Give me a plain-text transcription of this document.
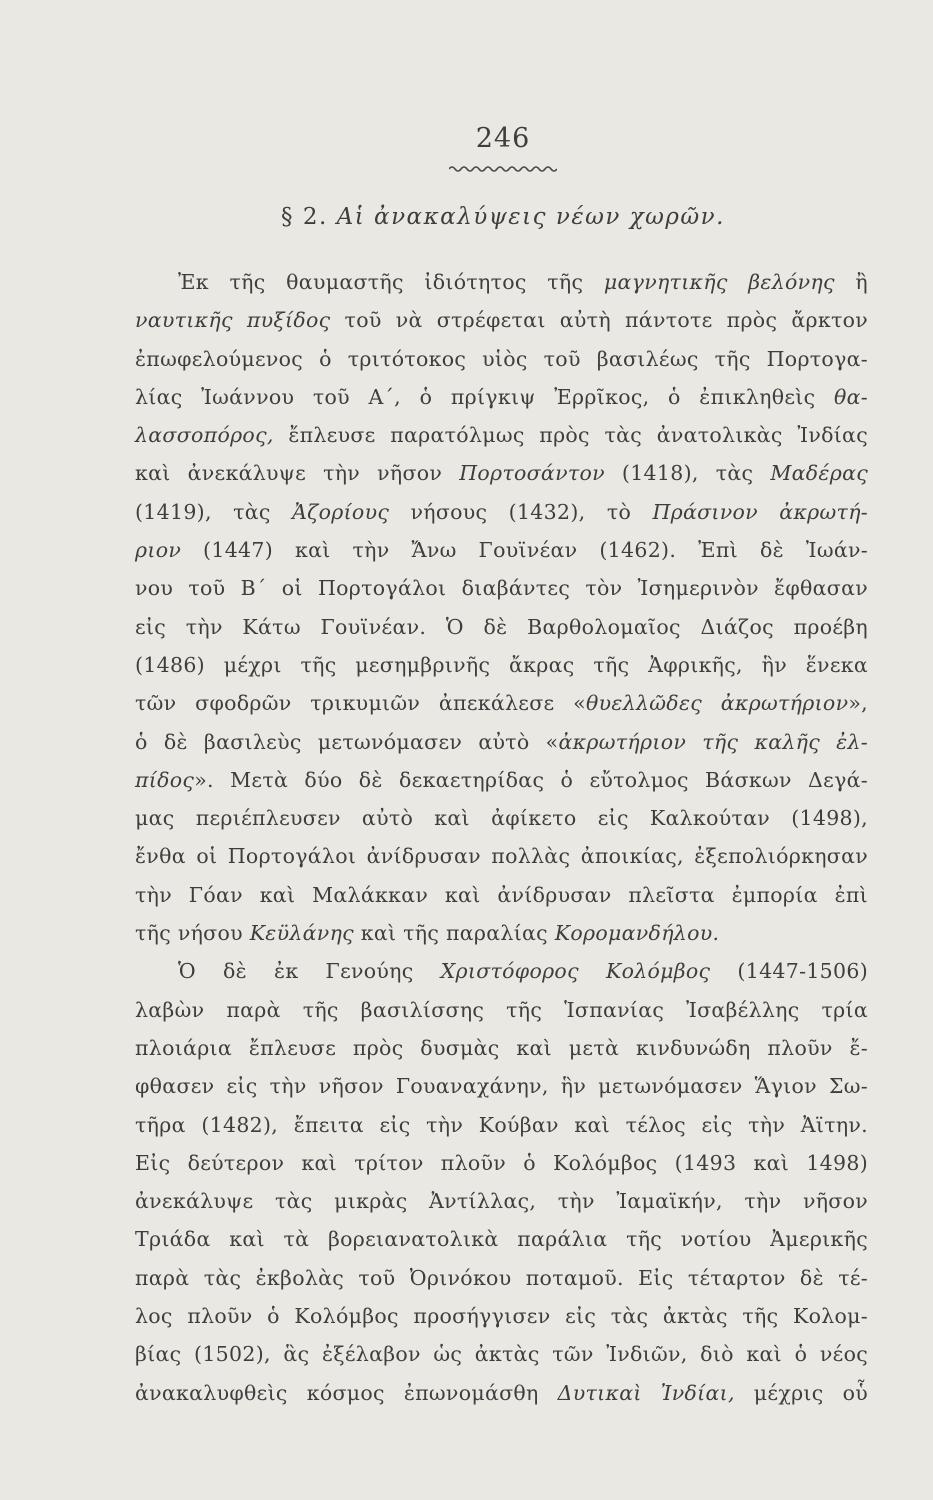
246
§ 2. Αἱ ἀνακαλύψεις νέων χωρῶν.
Ἐκ τῆς θαυμαστῆς ἰδιότητος τῆς μαγνητικῆς βελόνης ἢ
ναυτικῆς πυξίδος τοῦ νὰ στρέφεται αὐτὴ πάντοτε πρὸς ἄρκτον
ἐπωφελούμενος ὁ τριτότοκος υἱὸς τοῦ βασιλέως τῆς Πορτογα-
λίας Ἰωάννου τοῦ Α΄, ὁ πρίγκιψ Ἐρρῖκος, ὁ ἐπικληθεὶς θα-
λασσοπόρος, ἔπλευσε παρατόλμως πρὸς τὰς ἀνατολικὰς Ἰνδίας
καὶ ἀνεκάλυψε τὴν νῆσον Πορτοσάντον (1418), τὰς Μαδέρας
(1419), τὰς Ἀζορίους νήσους (1432), τὸ Πράσινον ἀκρωτή-
ριον (1447) καὶ τὴν Ἄνω Γουϊνέαν (1462). Ἐπὶ δὲ Ἰωάν-
νου τοῦ Β΄ οἱ Πορτογάλοι διαβάντες τὸν Ἰσημερινὸν ἔφθασαν
εἰς τὴν Κάτω Γουϊνέαν. Ὁ δὲ Βαρθολομαῖος Διάζος προέβη
(1486) μέχρι τῆς μεσημβρινῆς ἄκρας τῆς Ἀφρικῆς, ἣν ἕνεκα
τῶν σφοδρῶν τρικυμιῶν ἀπεκάλεσε «θυελλῶδες ἀκρωτήριον»,
ὁ δὲ βασιλεὺς μετωνόμασεν αὐτὸ «ἀκρωτήριον τῆς καλῆς ἐλ-
πίδος». Μετὰ δύο δὲ δεκαετηρίδας ὁ εὔτολμος Βάσκων Δεγά-
μας περιέπλευσεν αὐτὸ καὶ ἀφίκετο εἰς Καλκούταν (1498),
ἔνθα οἱ Πορτογάλοι ἀνίδρυσαν πολλὰς ἀποικίας, ἐξεπολιόρκησαν
τὴν Γόαν καὶ Μαλάκκαν καὶ ἀνίδρυσαν πλεῖστα ἐμπορία ἐπὶ
τῆς νήσου Κεϋλάνης καὶ τῆς παραλίας Κορομανδήλου.
Ὁ δὲ ἐκ Γενούης Χριστόφορος Κολόμβος (1447-1506)
λαβὼν παρὰ τῆς βασιλίσσης τῆς Ἱσπανίας Ἰσαβέλλης τρία
πλοιάρια ἔπλευσε πρὸς δυσμὰς καὶ μετὰ κινδυνώδη πλοῦν ἔ-
φθασεν εἰς τὴν νῆσον Γουαναχάνην, ἣν μετωνόμασεν Ἅγιον Σω-
τῆρα (1482), ἔπειτα εἰς τὴν Κούβαν καὶ τέλος εἰς τὴν Ἀϊτην.
Εἰς δεύτερον καὶ τρίτον πλοῦν ὁ Κολόμβος (1493 καὶ 1498)
ἀνεκάλυψε τὰς μικρὰς Ἀντίλλας, τὴν Ἰαμαϊκήν, τὴν νῆσον
Τριάδα καὶ τὰ βορειανατολικὰ παράλια τῆς νοτίου Ἀμερικῆς
παρὰ τὰς ἐκβολὰς τοῦ Ὀρινόκου ποταμοῦ. Εἰς τέταρτον δὲ τέ-
λος πλοῦν ὁ Κολόμβος προσήγγισεν εἰς τὰς ἀκτὰς τῆς Κολομ-
βίας (1502), ἃς ἐξέλαβον ὡς ἀκτὰς τῶν Ἰνδιῶν, διὸ καὶ ὁ νέος
ἀνακαλυφθεὶς κόσμος ἐπωνομάσθη Δυτικαὶ Ἰνδίαι, μέχρις οὗ
